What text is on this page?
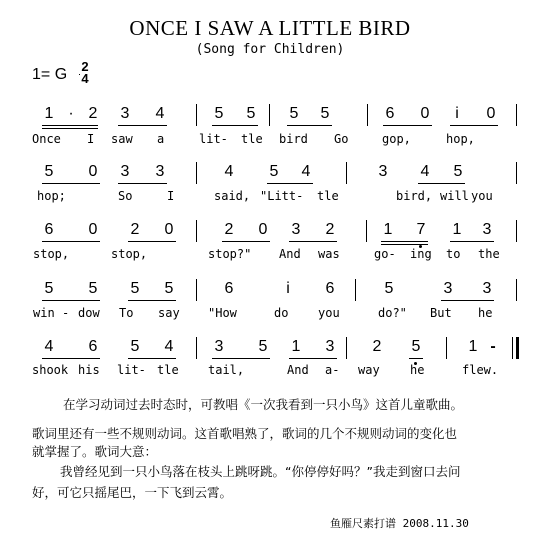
ONCE I SAW A LITTLE BIRD
(Song for Children)
1= G 2
4
1 · 2 3 4	5 5 5 5	6 0	i	0
Once I saw a	lit- tle bird Go	gop,	hop,
5 0 3 3	4 5 4	3 4 5
hop;	So	I	said, "Litt- tle	bird, will you
6 0 2 0	2 0 3 2	1 7 1 3
stop,	stop,	stop?" And was	go- ing to the
5 5 5 5	6	i	6	5	3 3
win - dow To say "How	do you	do?" But he
4 6 5 4	3 5 1 3 2 5	1 -
shook his lit- tle tail,	And a- way	he	flew.
在学习动词过去时态时，可教唱《一次我看到一只小鸟》这首儿童歌曲。
歌词里还有一些不规则动词。这首歌唱熟了，歌词的几个不规则动词的变化也
就掌握了。歌词大意：
我曾经见到一只小鸟落在枝头上跳呀跳。“你停停好吗？”我走到窗口去问
好，可它只摇尾巴，一下飞到云霄。
鱼雁尺素打谱 2008.11.30
